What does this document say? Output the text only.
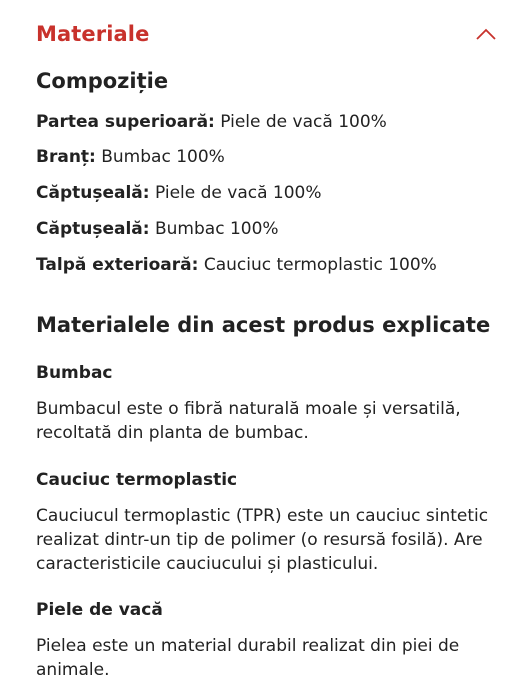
Materiale
Compoziție
Partea superioară: Piele de vacă 100%
Branț: Bumbac 100%
Căptușeală: Piele de vacă 100%
Căptușeală: Bumbac 100%
Talpă exterioară: Cauciuc termoplastic 100%
Materialele din acest produs explicate
Bumbac
Bumbacul este o fibră naturală moale și versatilă, recoltată din planta de bumbac.
Cauciuc termoplastic
Cauciucul termoplastic (TPR) este un cauciuc sintetic realizat dintr-un tip de polimer (o resursă fosilă). Are caracteristicile cauciucului și plasticului.
Piele de vacă
Pielea este un material durabil realizat din piei de animale.
